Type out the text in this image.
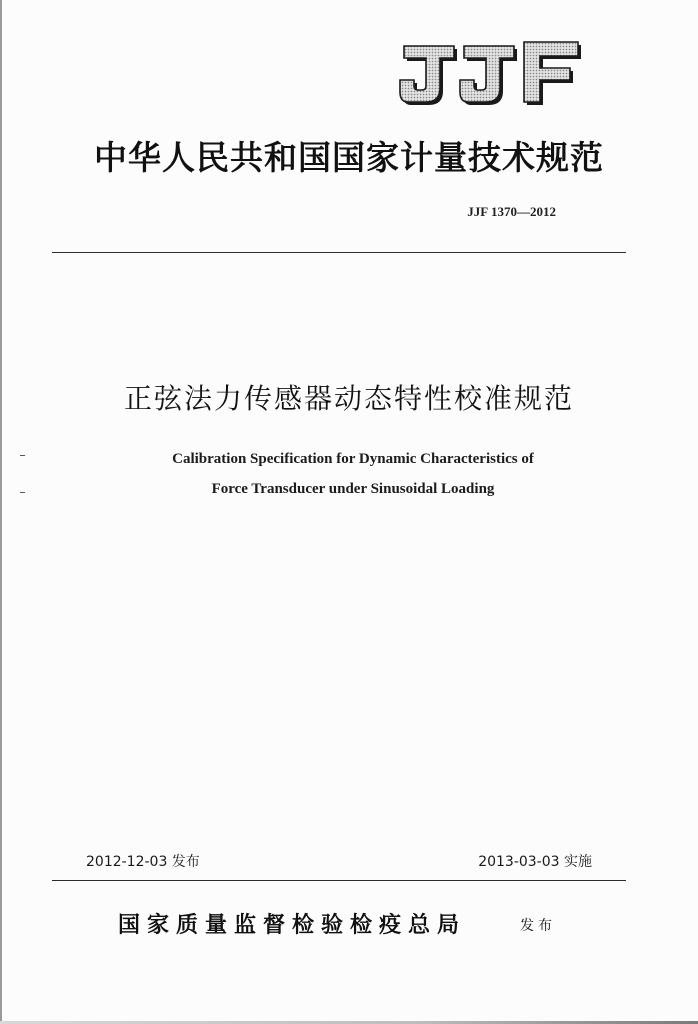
中华人民共和国国家计量技术规范
JJF 1370—2012
正弦法力传感器动态特性校准规范
Calibration Specification for Dynamic Characteristics of
Force Transducer under Sinusoidal Loading
2012-12-03 发布	2013-03-03 实施
国家质量监督检验检疫总局	发布
